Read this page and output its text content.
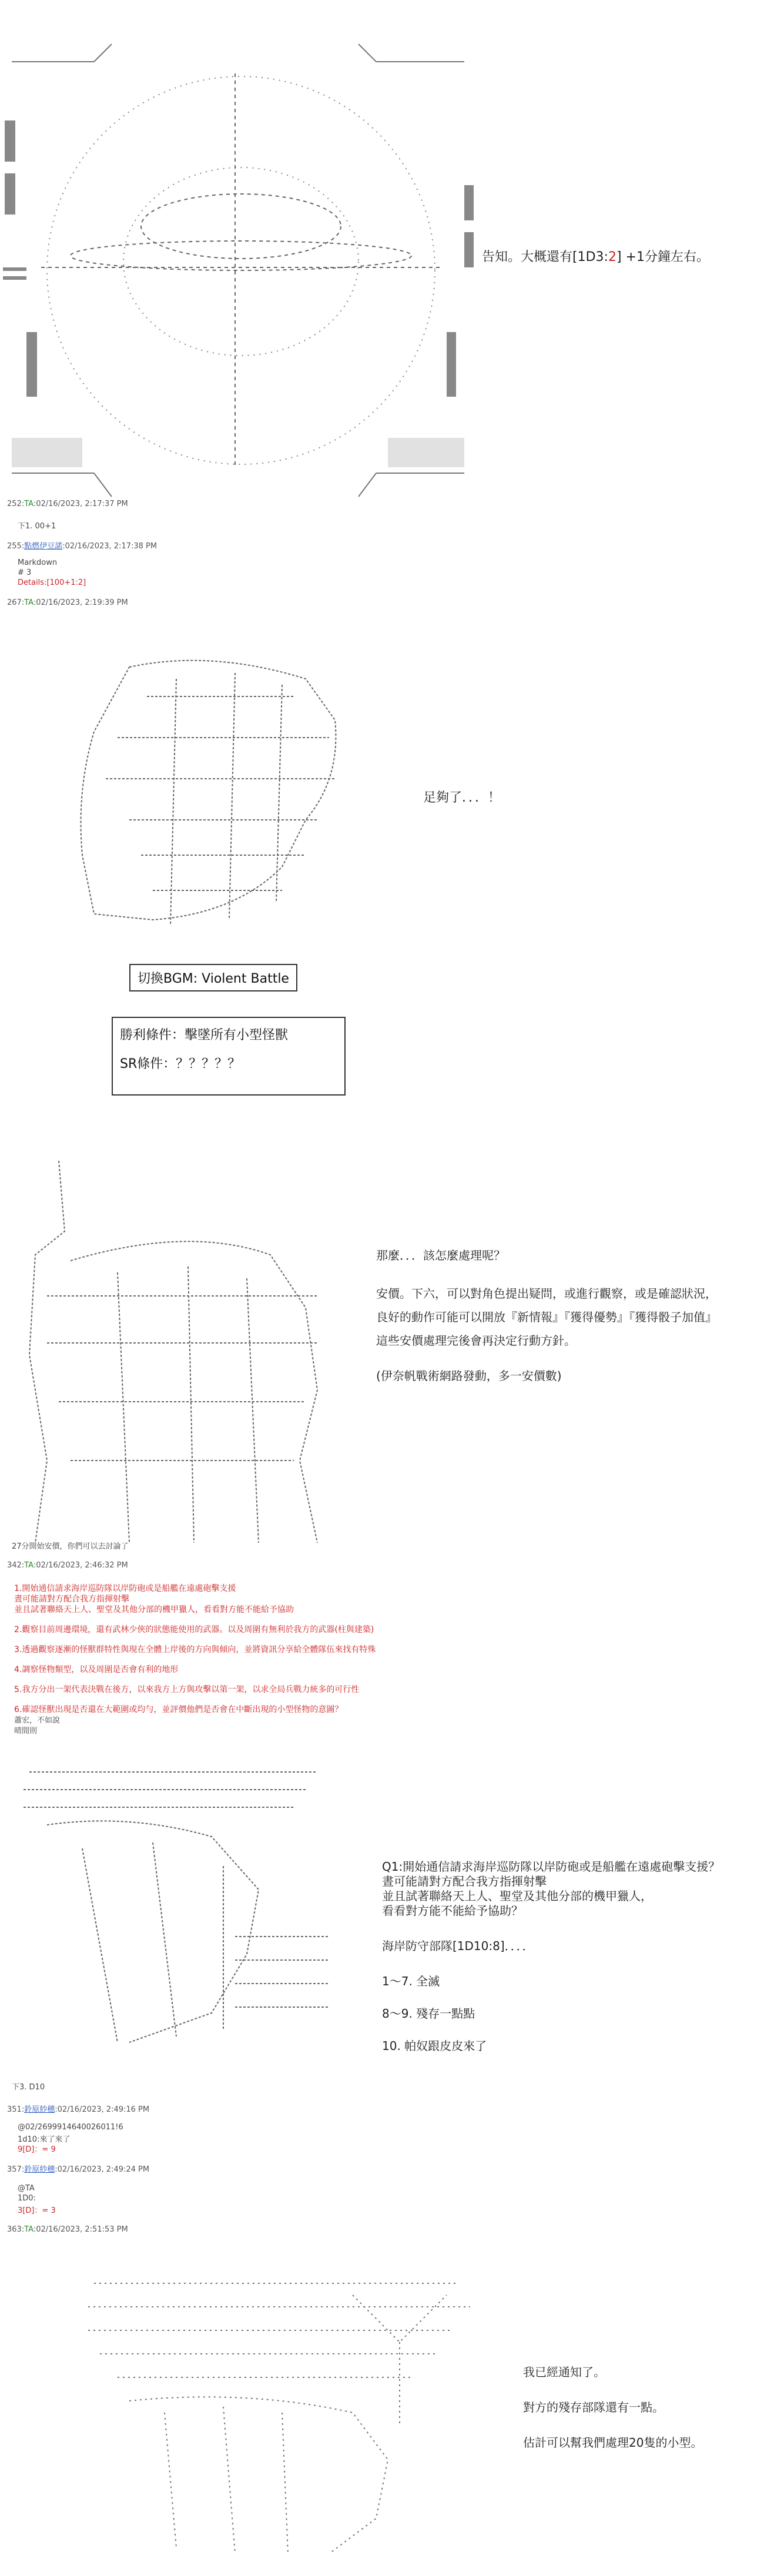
告知。大概還有[1D3:2] +1分鐘左右。
252:TA:02/16/2023, 2:17:37 PM
下1. 00+1
255:點燃伊豆諾:02/16/2023, 2:17:38 PM
Markdown
# 3
Details:[100+1:2]
267:TA:02/16/2023, 2:19:39 PM

足夠了．．．！
切換BGM: Violent Battle
勝利條件：擊墜所有小型怪獸
SR條件：？？？？？

那麼．．．該怎麼處理呢？
安價。下六，可以對角色提出疑問，或進行觀察，或是確認狀況，
良好的動作可能可以開放『新情報』『獲得優勢』『獲得骰子加值』
這些安價處理完後會再決定行動方針。
(伊奈帆戰術網路發動，多一安價數)
27分開始安價，你們可以去討論了
342:TA:02/16/2023, 2:46:32 PM
1.開始通信請求海岸巡防隊以岸防砲或是船艦在遠處砲擊支援
晝可能請對方配合我方指揮射擊
並且試著聯絡天上人、聖堂及其他分部的機甲獵人，看看對方能不能給予協助
2.觀察目前周邊環境，還有武林少俠的狀態能使用的武器。以及周圍有無利於我方的武器(柱與建築)
3.透過觀察逐漸的怪獸群特性與現在全體上岸後的方向與傾向，並將資訊分享給全體隊伍來找有特殊
4.調察怪物類型，以及周圍是否會有利的地形
5.我方分出一架代表決戰在後方，以來我方上方與攻擊以第一架，以求全局兵戰力統多的可行性
6.確認怪獸出現是否還在大範圍或均勻，並評價他們是否會在中斷出現的小型怪物的意圖？
蕭宏，不如說
晴間則

Q1:開始通信請求海岸巡防隊以岸防砲或是船艦在遠處砲擊支援？
晝可能請對方配合我方指揮射擊
並且試著聯絡天上人、聖堂及其他分部的機甲獵人，
看看對方能不能給予協助？
海岸防守部隊[1D10:8]．．．．
1～7. 全滅
8～9. 殘存一點點
10. 帕奴跟皮皮來了
下3. D10
351:鈴原紗穗:02/16/2023, 2:49:16 PM
@02/2699914640026011!6
1d10:來了來了
9[D]：= 9
357:鈴原紗穗:02/16/2023, 2:49:24 PM
@TA
1D0:
3[D]：= 3
363:TA:02/16/2023, 2:51:53 PM

我已經通知了。
對方的殘存部隊還有一點。
估計可以幫我們處理20隻的小型。
